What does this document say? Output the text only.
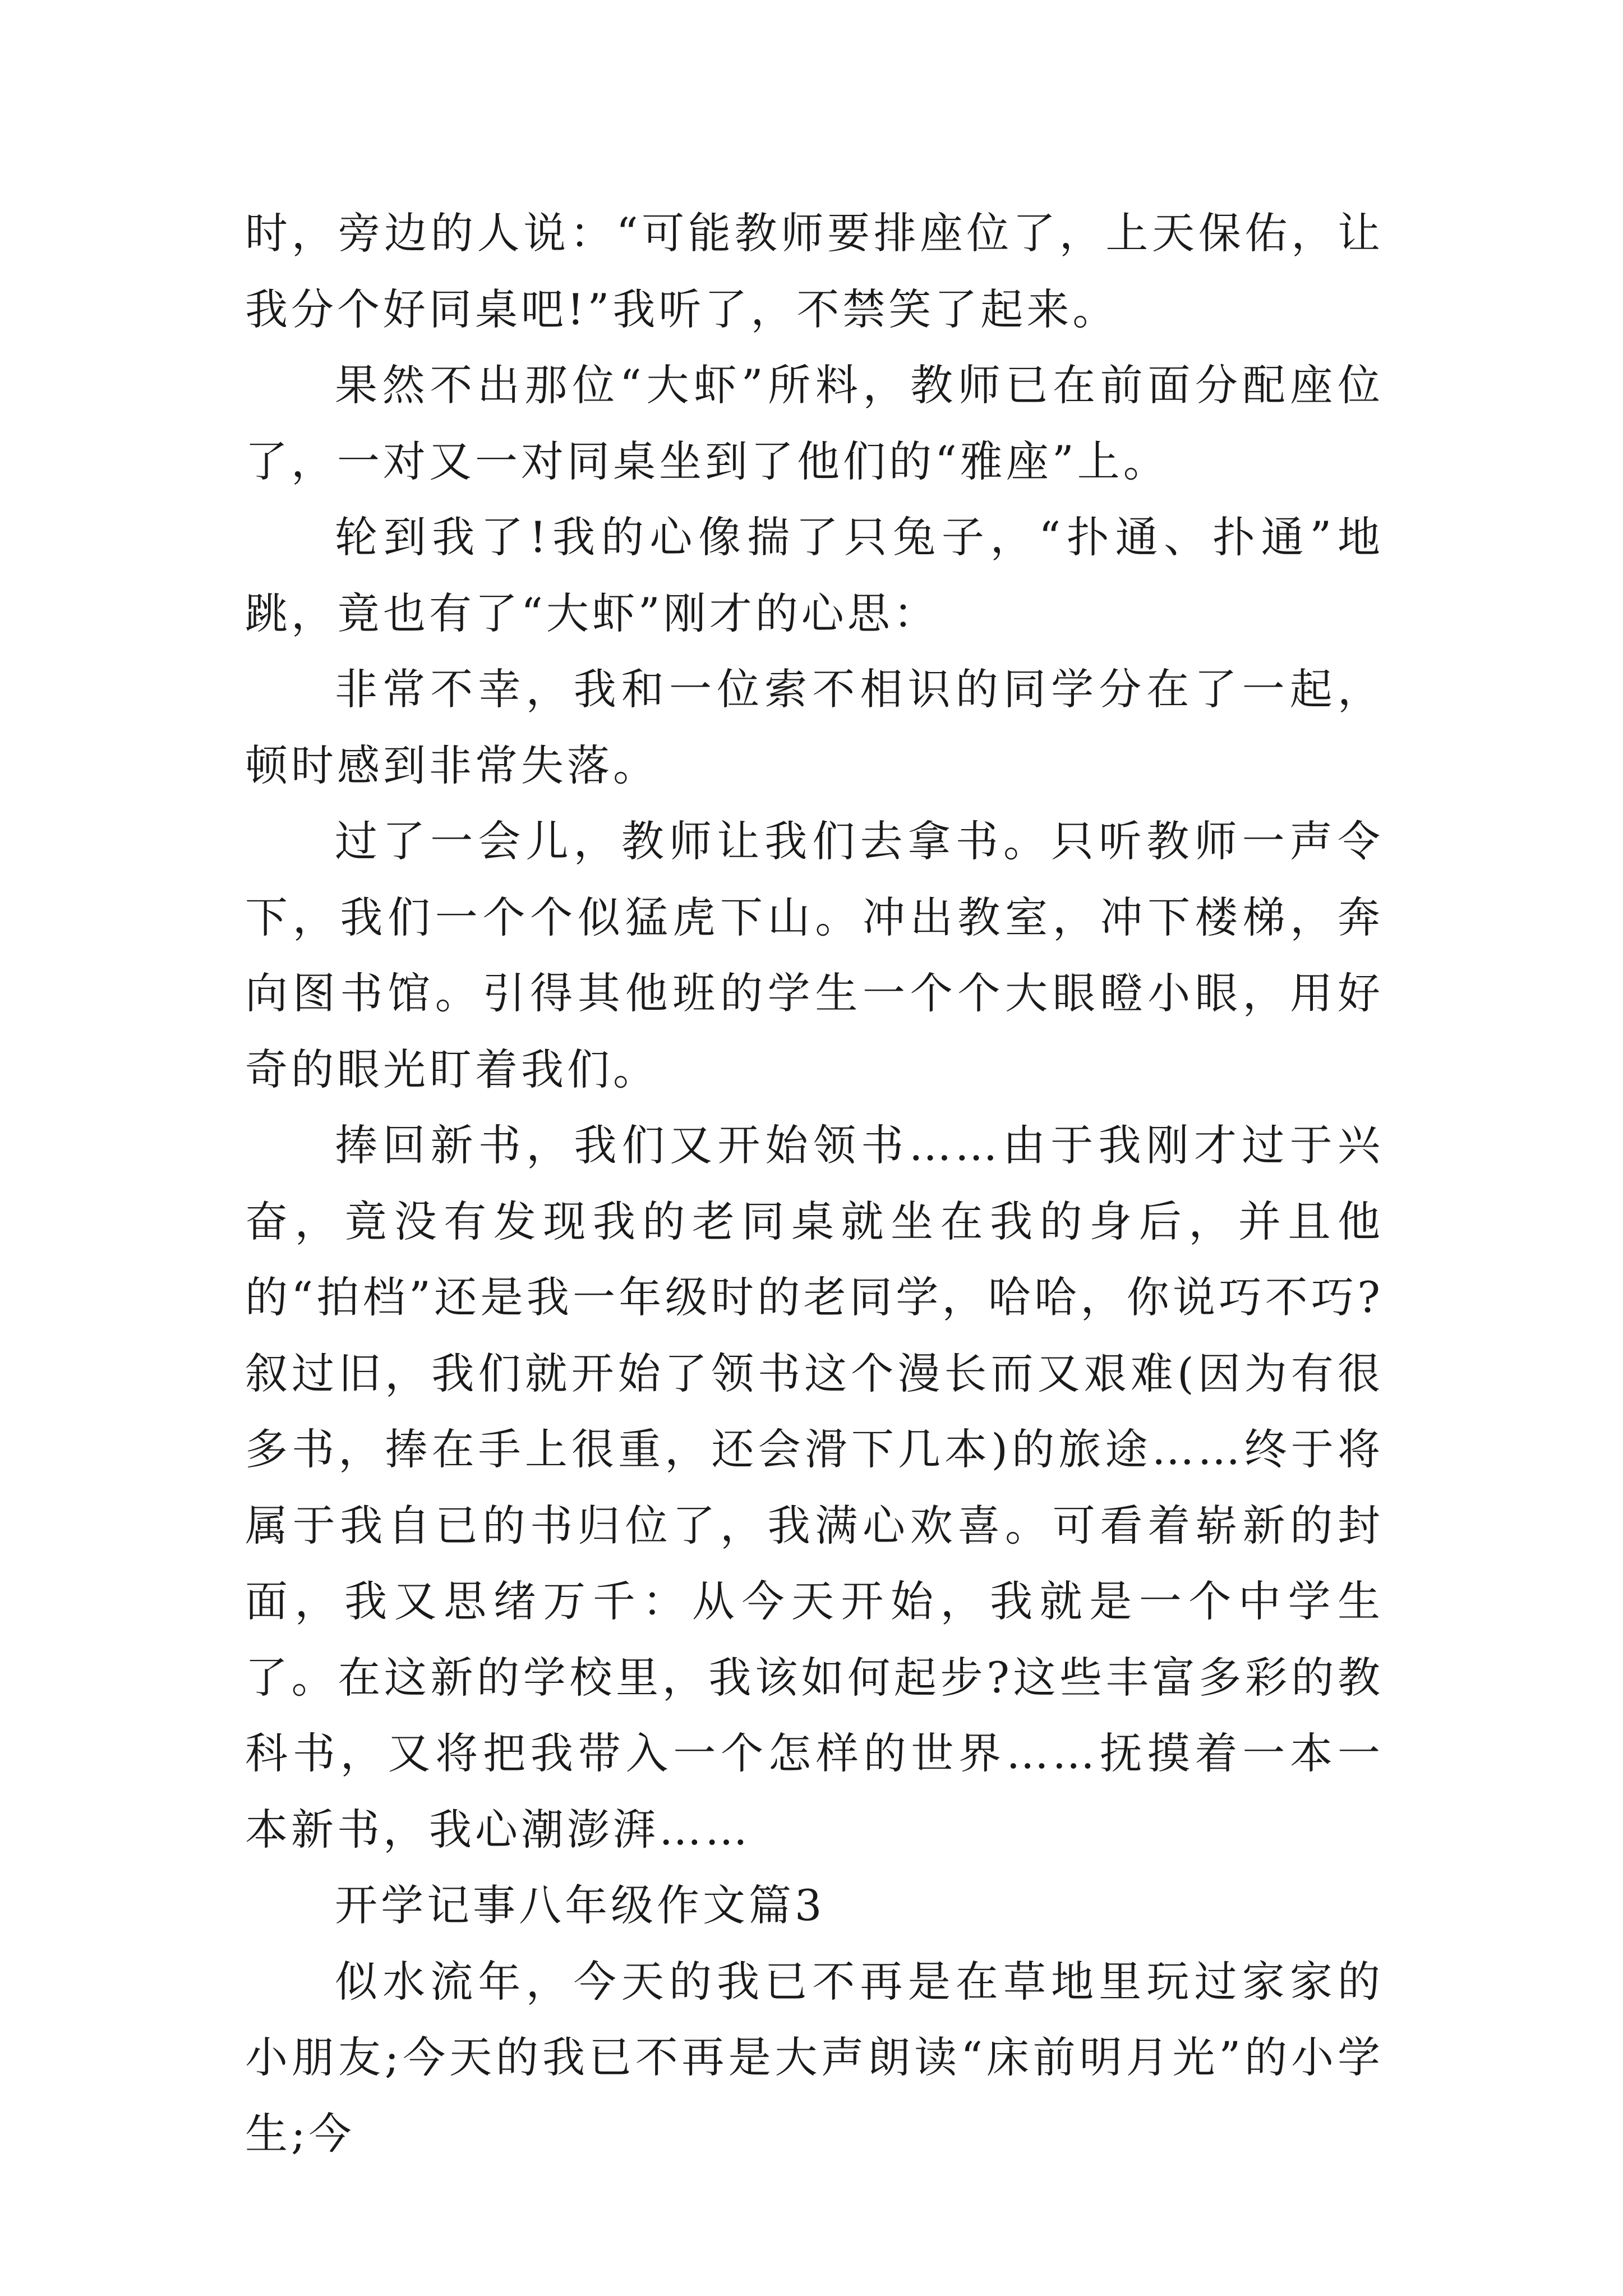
时，旁边的人说：“可能教师要排座位了，上天保佑，让我分个好同桌吧!”我听了，不禁笑了起来。

果然不出那位“大虾”所料，教师已在前面分配座位了，一对又一对同桌坐到了他们的“雅座”上。

轮到我了!我的心像揣了只兔子，“扑通、扑通”地跳，竟也有了“大虾”刚才的心思：

非常不幸，我和一位索不相识的同学分在了一起，顿时感到非常失落。

过了一会儿，教师让我们去拿书。只听教师一声令下，我们一个个似猛虎下山。冲出教室，冲下楼梯，奔向图书馆。引得其他班的学生一个个大眼瞪小眼，用好奇的眼光盯着我们。

捧回新书，我们又开始领书……由于我刚才过于兴奋，竟没有发现我的老同桌就坐在我的身后，并且他的“拍档”还是我一年级时的老同学，哈哈，你说巧不巧?叙过旧，我们就开始了领书这个漫长而又艰难(因为有很多书，捧在手上很重，还会滑下几本)的旅途……终于将属于我自已的书归位了，我满心欢喜。可看着崭新的封面，我又思绪万千：从今天开始，我就是一个中学生了。在这新的学校里，我该如何起步?这些丰富多彩的教科书，又将把我带入一个怎样的世界……抚摸着一本一本新书，我心潮澎湃……

开学记事八年级作文篇3

似水流年，今天的我已不再是在草地里玩过家家的小朋友;今天的我已不再是大声朗读“床前明月光”的小学生;今
